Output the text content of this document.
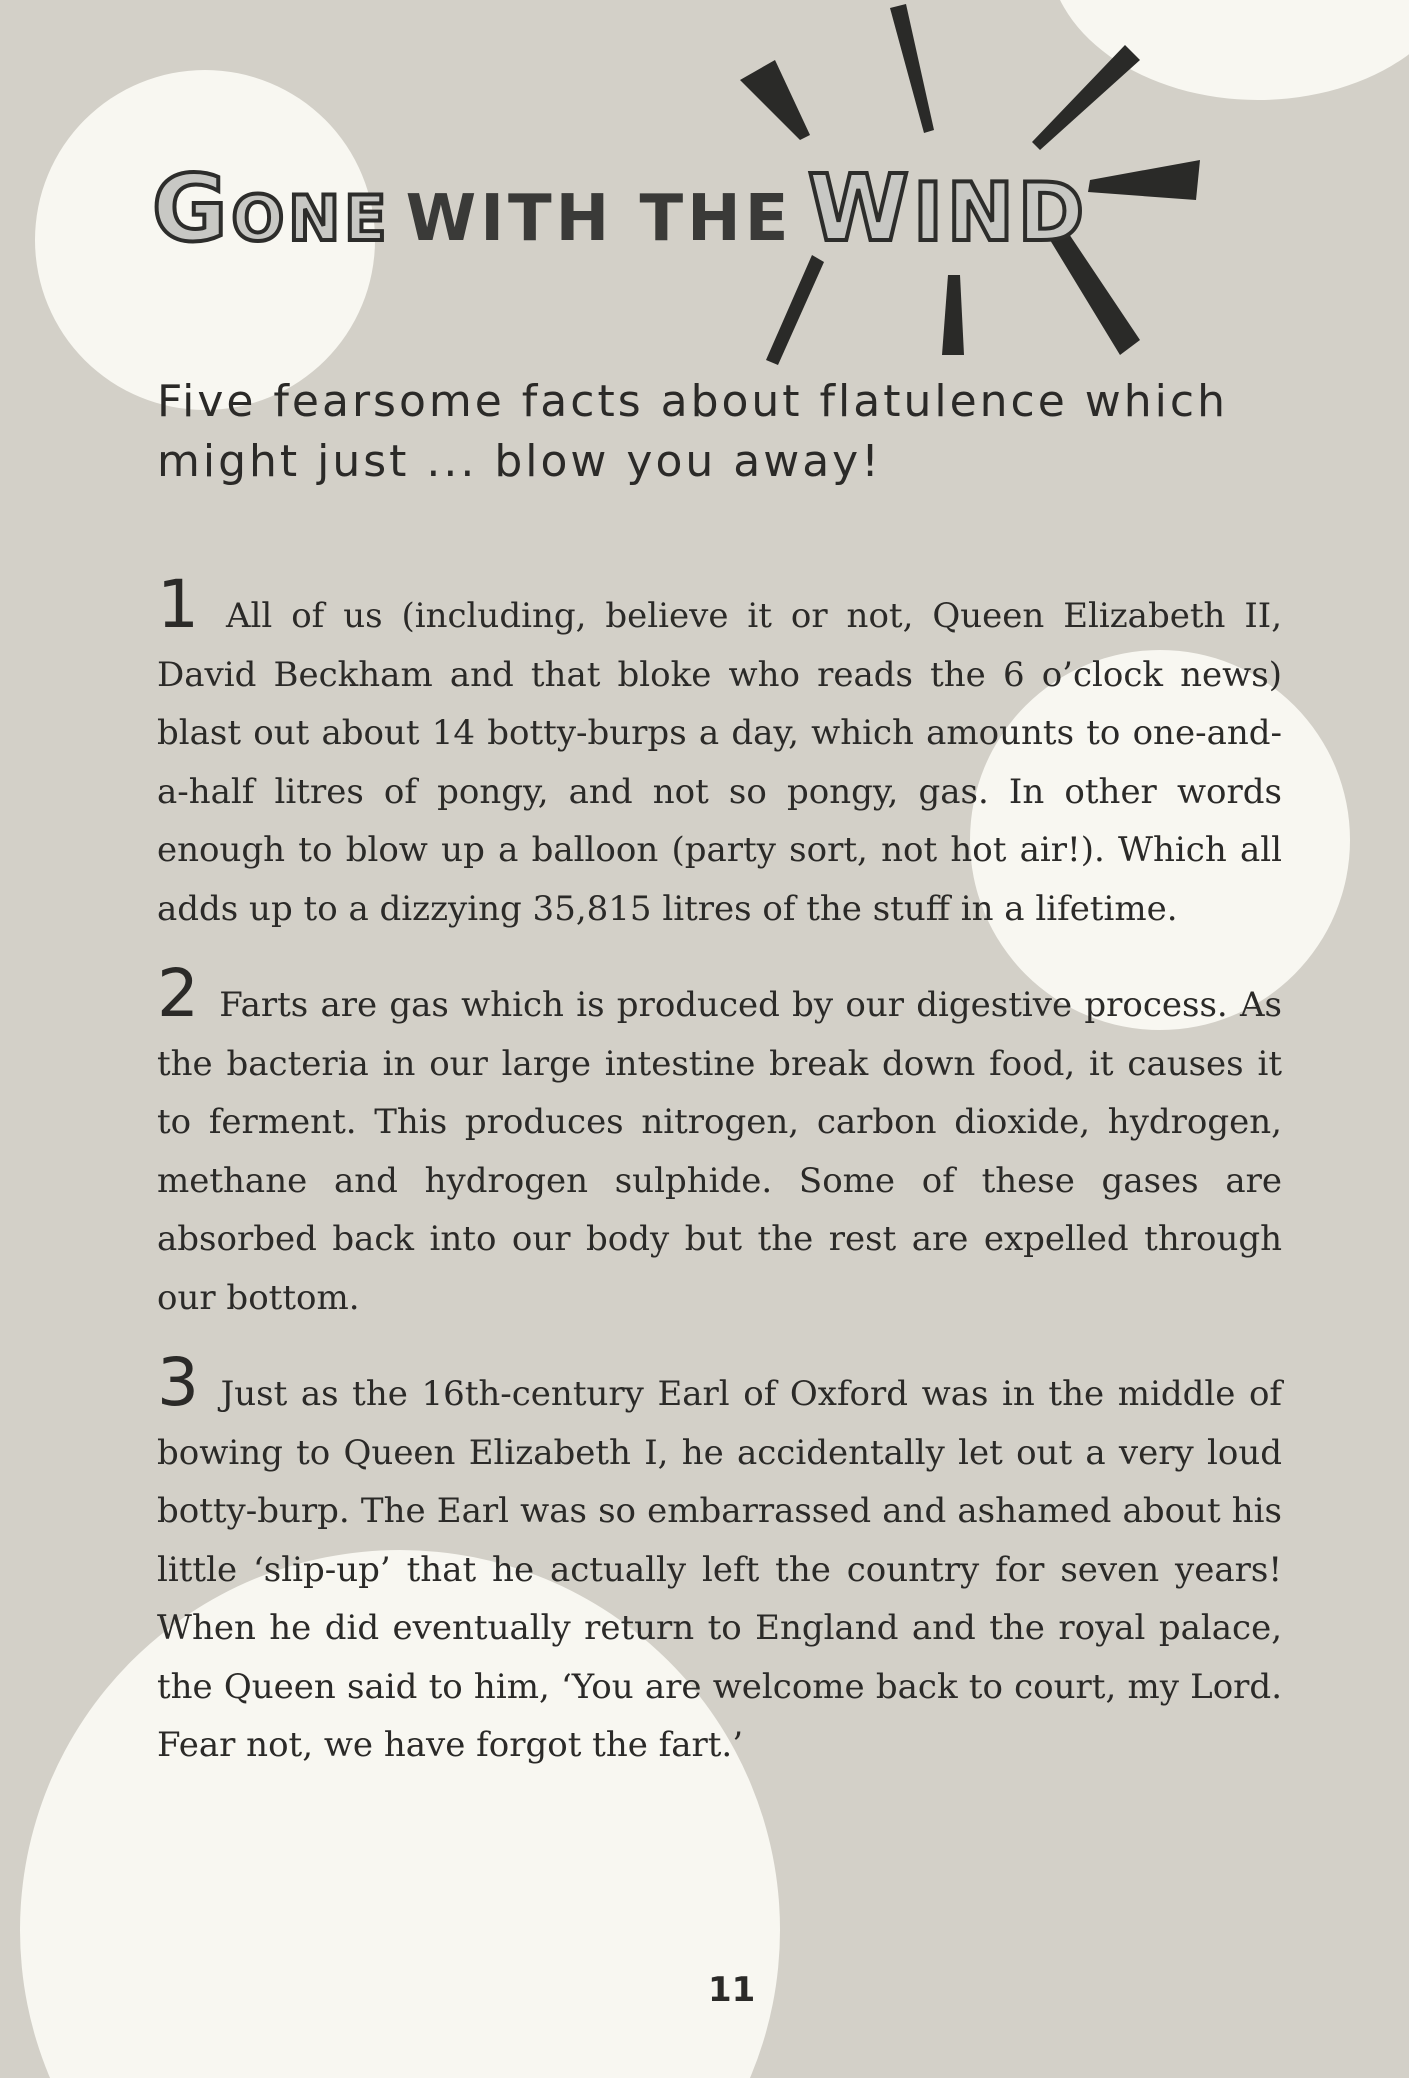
GONE WITH THE WIND

Five fearsome facts about flatulence which might just ... blow you away!

1 All of us (including, believe it or not, Queen Elizabeth II, David Beckham and that bloke who reads the 6 o’clock news) blast out about 14 botty-burps a day, which amounts to one-and-a-half litres of pongy, and not so pongy, gas. In other words enough to blow up a balloon (party sort, not hot air!). Which all adds up to a dizzying 35,815 litres of the stuff in a lifetime.

2 Farts are gas which is produced by our digestive process. As the bacteria in our large intestine break down food, it causes it to ferment. This produces nitrogen, carbon dioxide, hydrogen, methane and hydrogen sulphide. Some of these gases are absorbed back into our body but the rest are expelled through our bottom.

3 Just as the 16th-century Earl of Oxford was in the middle of bowing to Queen Elizabeth I, he accidentally let out a very loud botty-burp. The Earl was so embarrassed and ashamed about his little ‘slip-up’ that he actually left the country for seven years! When he did eventually return to England and the royal palace, the Queen said to him, ‘You are welcome back to court, my Lord. Fear not, we have forgot the fart.’

11
